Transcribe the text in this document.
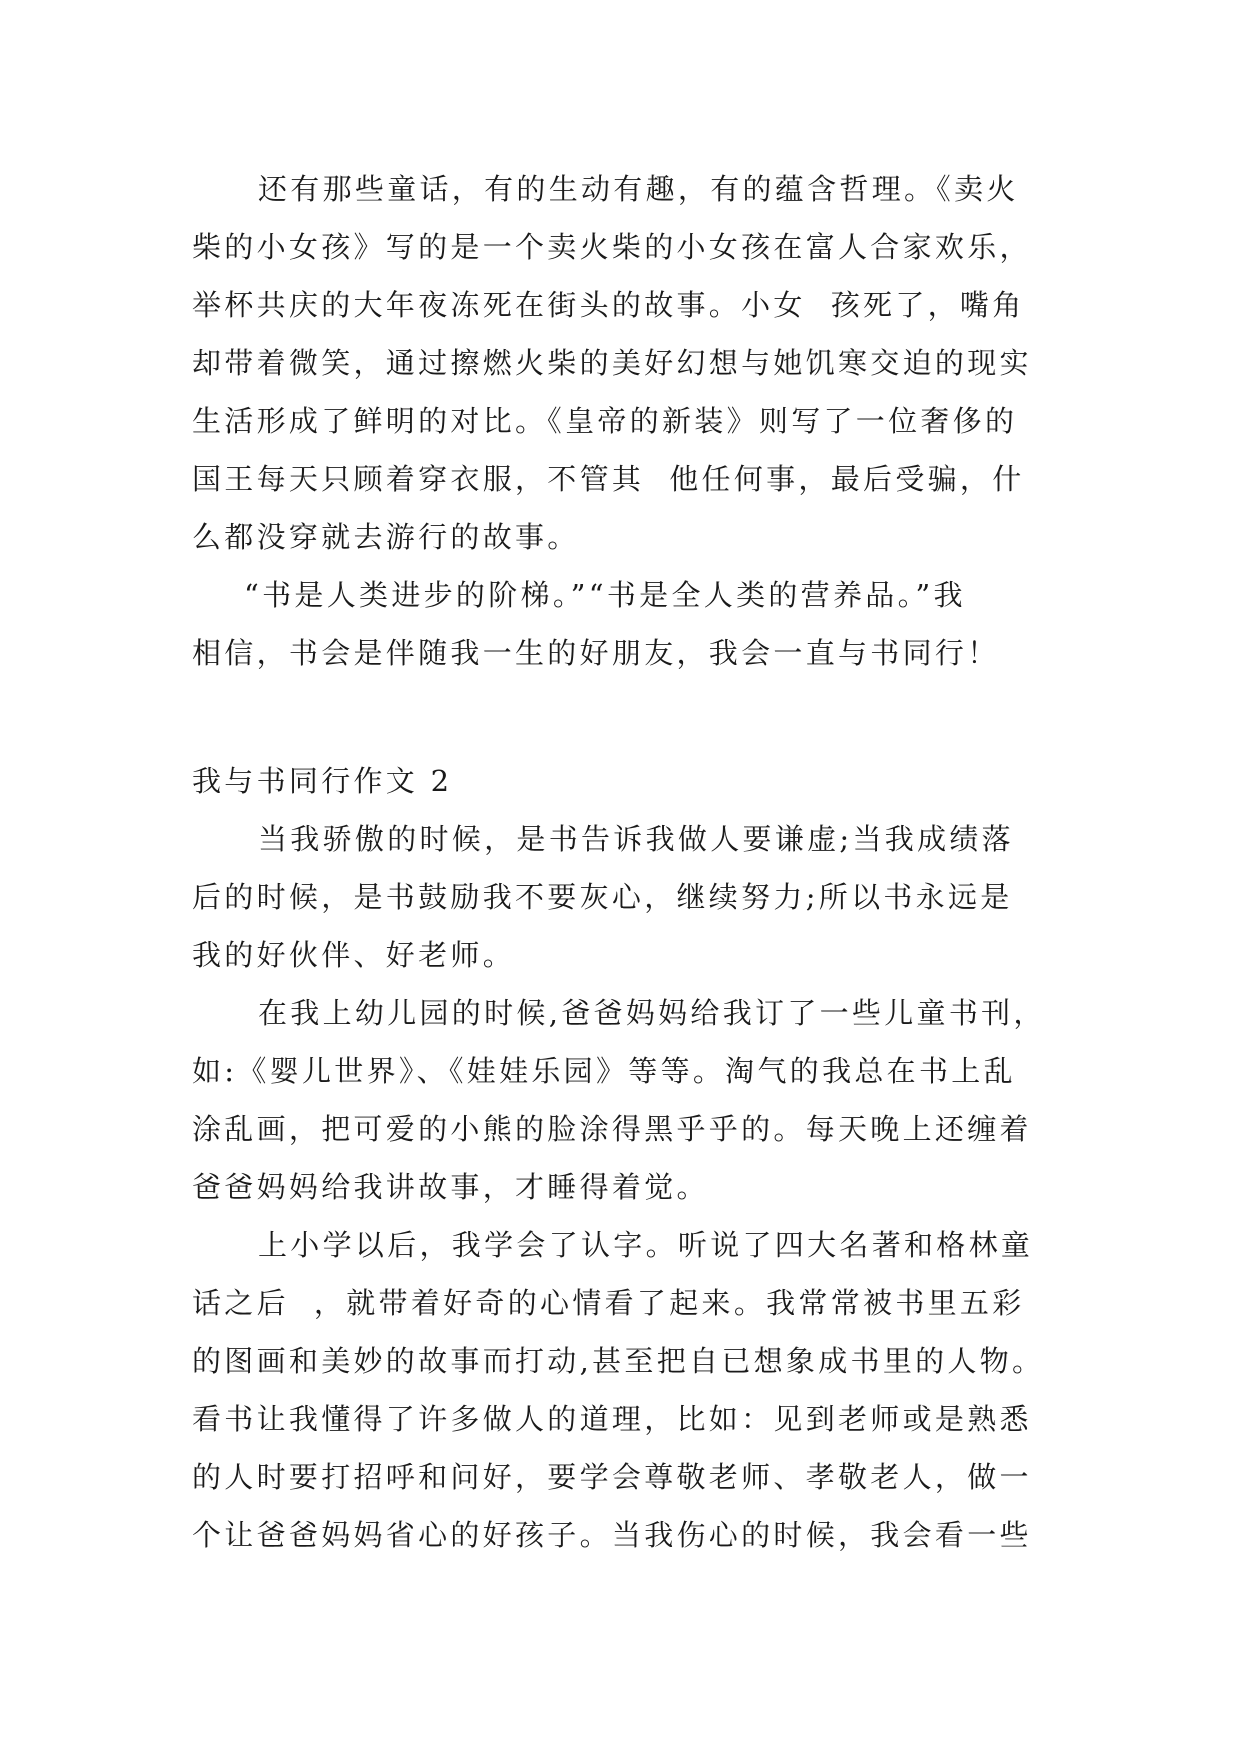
还有那些童话，有的生动有趣，有的蕴含哲理。《卖火
柴的小女孩》写的是一个卖火柴的小女孩在富人合家欢乐，
举杯共庆的大年夜冻死在街头的故事。小女  孩死了，嘴角
却带着微笑，通过擦燃火柴的美好幻想与她饥寒交迫的现实
生活形成了鲜明的对比。《皇帝的新装》则写了一位奢侈的
国王每天只顾着穿衣服，不管其  他任何事，最后受骗，什
么都没穿就去游行的故事。
“书是人类进步的阶梯。”“书是全人类的营养品。”我
相信，书会是伴随我一生的好朋友，我会一直与书同行！
我与书同行作文 2
当我骄傲的时候，是书告诉我做人要谦虚;当我成绩落
后的时候，是书鼓励我不要灰心，继续努力;所以书永远是
我的好伙伴、好老师。
在我上幼儿园的时候,爸爸妈妈给我订了一些儿童书刊，
如:《婴儿世界》、《娃娃乐园》等等。淘气的我总在书上乱
涂乱画，把可爱的小熊的脸涂得黑乎乎的。每天晚上还缠着
爸爸妈妈给我讲故事，才睡得着觉。
上小学以后，我学会了认字。听说了四大名著和格林童
话之后  ，就带着好奇的心情看了起来。我常常被书里五彩
的图画和美妙的故事而打动,甚至把自已想象成书里的人物。
看书让我懂得了许多做人的道理，比如：见到老师或是熟悉
的人时要打招呼和问好，要学会尊敬老师、孝敬老人，做一
个让爸爸妈妈省心的好孩子。当我伤心的时候，我会看一些
